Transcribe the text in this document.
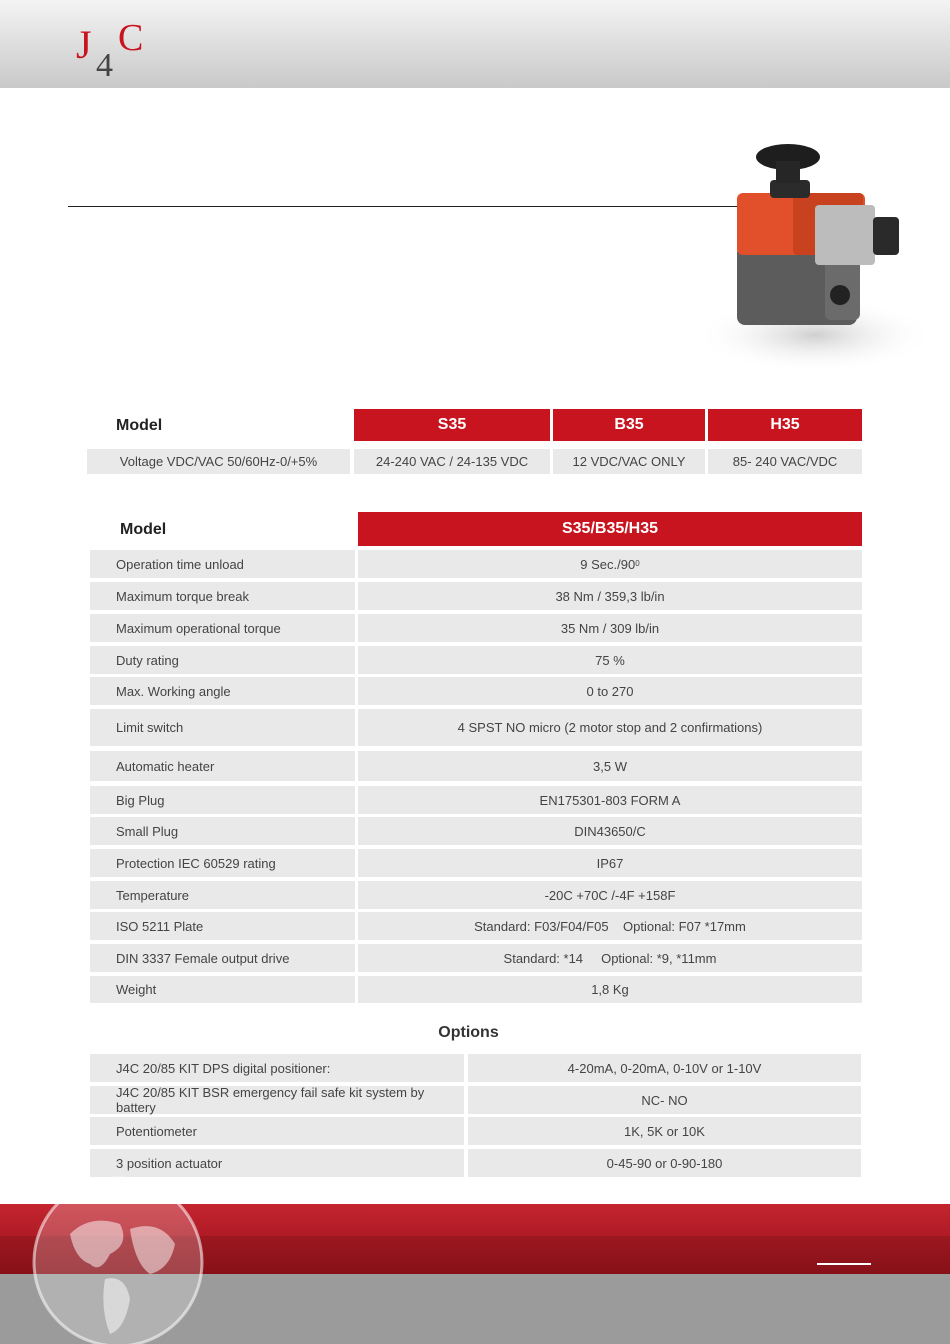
J 4
C
Model	S35	B35	H35
Voltage VDC/VAC 50/60Hz-0/+5%	24-240 VAC / 24-135 VDC	12 VDC/VAC ONLY	85- 240 VAC/VDC
Model	S35/B35/H35
Operation time unload	9 Sec./90 0
Maximum torque break	38 Nm / 359,3 lb/in
Maximum operational torque	35 Nm / 309 lb/in
Duty rating	75 %
Max. Working angle	0 to 270
Limit switch	4 SPST NO micro (2 motor stop and 2 confirmations)
Automatic heater	3,5 W
Big Plug	EN175301-803 FORM A
Small Plug	DIN43650/C
Protection IEC 60529 rating	IP67
Temperature	-20C +70C /-4F +158F
ISO 5211 Plate	Standard: F03/F04/F05    Optional: F07 *17mm
DIN 3337 Female output drive	Standard: *14     Optional: *9, *11mm
Weight	1,8 Kg
Options
J4C 20/85 KIT DPS digital positioner:	4-20mA, 0-20mA, 0-10V or 1-10V
J4C 20/85 KIT BSR emergency fail safe kit system by battery	NC- NO
Potentiometer	1K, 5K or 10K
3 position actuator	0-45-90 or 0-90-180
